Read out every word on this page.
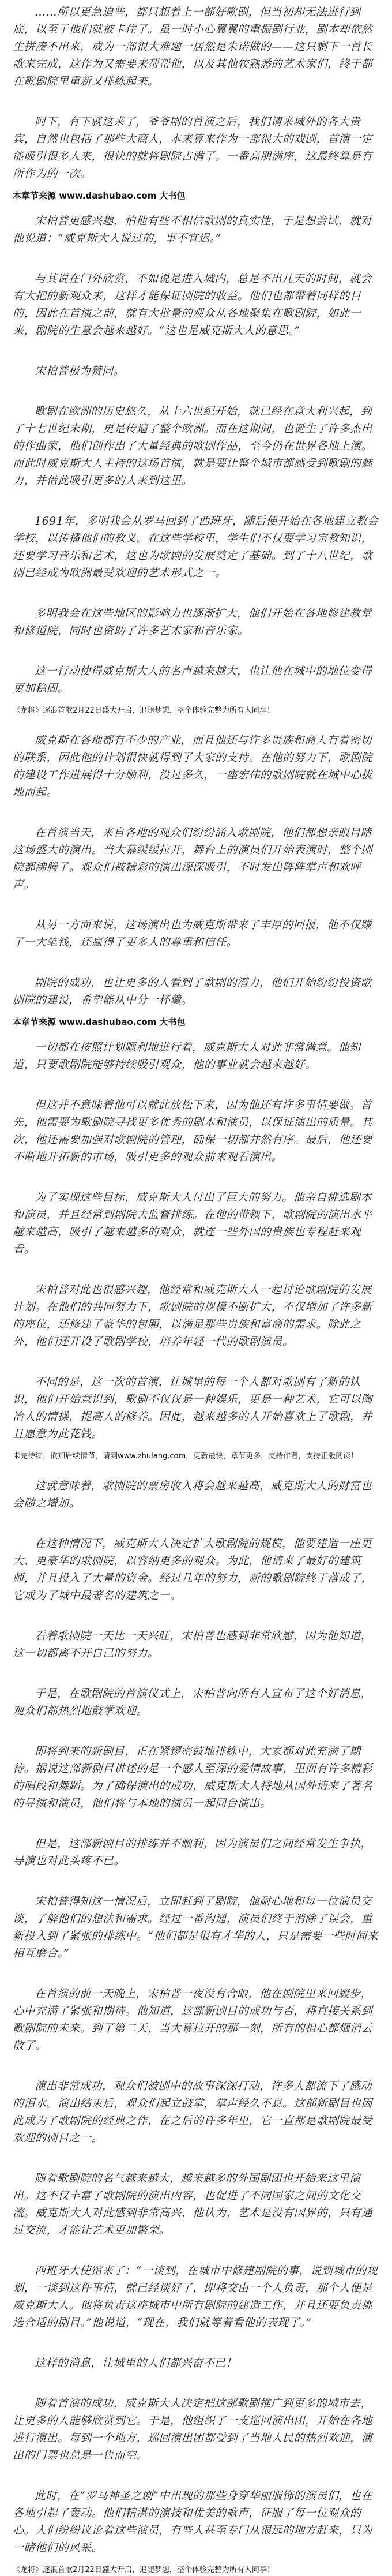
……所以更急迫些，都只想着上一部好歌剧，但当初却无法进行到底，以至于他们就被卡住了。虽一时小心翼翼的重振剧行业，剧本却依然生拼凑不出来，成为一部很大难题一居然是朱诺做的——这只剩下一首长歌来完成，这作为又需要来帮帮他，以及其他较熟悉的艺术家们，终于都在歌剧院里重新又排练起来。

阿下，有下就这来了，爷爷剧的首演之后，我们请来城外的各大贵宾，自然也包括了那些大商人，本来算来作为一部很大的戏剧，首演一定能吸引很多人来，很快的就将剧院占满了。一番高朋满座，这最终算是有所作为的一次。

本章节来源 www.dashubao.com 大书包

宋柏普更感兴趣，怕他有些不相信歌剧的真实性，于是想尝试，就对他说道：“威克斯大人说过的，事不宜迟。”

与其说在门外欣赏，不如说是进入城内，总是不出几天的时间，就会有大把的新观众来，这样才能保证剧院的收益。他们也都带着同样的目的，因此在首演之前，就有大批量的观众从各地聚集在歌剧院，如此一来，剧院的生意会越来越好。“这也是威克斯大人的意思。”

宋柏普极为赞同。

歌剧在欧洲的历史悠久，从十六世纪开始，就已经在意大利兴起，到了十七世纪末期，更是传遍了整个欧洲。而在这期间，也诞生了许多杰出的作曲家，他们创作出了大量经典的歌剧作品，至今仍在世界各地上演。而此时威克斯大人主持的这场首演，就是要让整个城市都感受到歌剧的魅力，并借此吸引更多的人来到这里。

1691年，多明我会从罗马回到了西班牙，随后便开始在各地建立教会学校，以传播他们的教义。在这些学校里，学生们不仅要学习宗教知识，还要学习音乐和艺术，这也为歌剧的发展奠定了基础。到了十八世纪，歌剧已经成为欧洲最受欢迎的艺术形式之一。

多明我会在这些地区的影响力也逐渐扩大，他们开始在各地修建教堂和修道院，同时也资助了许多艺术家和音乐家。

这一行动使得威克斯大人的名声越来越大，也让他在城中的地位变得更加稳固。

《龙将》逐浪首歌2月22日盛大开启，追随梦想，整个体验完整为所有人同享！

威克斯在各地都有不少的产业，而且他还与许多贵族和商人有着密切的联系，因此他的计划很快就得到了大家的支持。在他的努力下，歌剧院的建设工作进展得十分顺利，没过多久，一座宏伟的歌剧院就在城中心拔地而起。

在首演当天，来自各地的观众们纷纷涌入歌剧院，他们都想亲眼目睹这场盛大的演出。当大幕缓缓拉开，舞台上的演员们开始表演时，整个剧院都沸腾了。观众们被精彩的演出深深吸引，不时发出阵阵掌声和欢呼声。

从另一方面来说，这场演出也为威克斯带来了丰厚的回报，他不仅赚了一大笔钱，还赢得了更多人的尊重和信任。

剧院的成功，也让更多的人看到了歌剧的潜力，他们开始纷纷投资歌剧院的建设，希望能从中分一杯羹。

本章节来源 www.dashubao.com 大书包

一切都在按照计划顺利地进行着，威克斯大人对此非常满意。他知道，只要歌剧院能够持续吸引观众，他的事业就会越来越好。

但这并不意味着他可以就此放松下来，因为他还有许多事情要做。首先，他需要为歌剧院寻找更多优秀的剧本和演员，以保证演出的质量。其次，他还需要加强对歌剧院的管理，确保一切都井然有序。最后，他还要不断地开拓新的市场，吸引更多的观众前来观看演出。

为了实现这些目标，威克斯大人付出了巨大的努力。他亲自挑选剧本和演员，并且经常到剧院去监督排练。在他的带领下，歌剧院的演出水平越来越高，吸引了越来越多的观众，就连一些外国的贵族也专程赶来观看。

宋柏普对此也很感兴趣，他经常和威克斯大人一起讨论歌剧院的发展计划。在他们的共同努力下，歌剧院的规模不断扩大，不仅增加了许多新的座位，还修建了豪华的包厢，以满足那些贵族和富商的需求。除此之外，他们还开设了歌剧学校，培养年轻一代的歌剧演员。

不同的是，这一次的首演，让城里的每一个人都对歌剧有了新的认识，他们开始意识到，歌剧不仅仅是一种娱乐，更是一种艺术，它可以陶冶人的情操，提高人的修养。因此，越来越多的人开始喜欢上了歌剧，并且愿意为此花钱。

未完待续，欲知后续情节，请到www.zhulang.com，更新最快，章节更多，支持作者，支持正版阅读！

这就意味着，歌剧院的票房收入将会越来越高，威克斯大人的财富也会随之增加。

在这种情况下，威克斯大人决定扩大歌剧院的规模，他要建造一座更大、更豪华的歌剧院，以容纳更多的观众。为此，他请来了最好的建筑师，并且投入了大量的资金。经过几年的努力，新的歌剧院终于落成了，它成为了城中最著名的建筑之一。

看着歌剧院一天比一天兴旺，宋柏普也感到非常欣慰，因为他知道，这一切都离不开自己的努力。

于是，在歌剧院的首演仪式上，宋柏普向所有人宣布了这个好消息，观众们都热烈地鼓掌欢迎。

即将到来的新剧目，正在紧锣密鼓地排练中，大家都对此充满了期待。据说这部新剧目讲述的是一个感人至深的爱情故事，里面有许多精彩的唱段和舞蹈。为了确保演出的成功，威克斯大人特地从国外请来了著名的导演和演员，他们将与本地的演员一起同台演出。

但是，这部新剧目的排练并不顺利，因为演员们之间经常发生争执，导演也对此头疼不已。

宋柏普得知这一情况后，立即赶到了剧院，他耐心地和每一位演员交谈，了解他们的想法和需求。经过一番沟通，演员们终于消除了误会，重新投入到了紧张的排练中。“他们都是很有才华的人，只是需要一些时间来相互磨合。”

在首演的前一天晚上，宋柏普一夜没有合眼，他在剧院里来回踱步，心中充满了紧张和期待。他知道，这部新剧目的成功与否，将直接关系到歌剧院的未来。到了第二天，当大幕拉开的那一刻，所有的担心都烟消云散了。

演出非常成功，观众们被剧中的故事深深打动，许多人都流下了感动的泪水。演出结束后，观众们起立鼓掌，掌声经久不息。这部新剧目也因此成为了歌剧院的经典之作，在之后的许多年里，它一直都是歌剧院最受欢迎的剧目之一。

随着歌剧院的名气越来越大，越来越多的外国剧团也开始来这里演出。这不仅丰富了歌剧院的演出内容，也促进了不同国家之间的文化交流。威克斯大人对此感到非常高兴，他认为，艺术是没有国界的，只有通过交流，才能让艺术更加繁荣。

西班牙大使馆来了：“一谈到，在城市中修建剧院的事，说到城市的规划，一谈到这件事情，就已经谈好了，即将交由一个人负责，那个人便是威克斯大人。他将负责这座城市中所有剧院的建造工作，并且还要负责挑选合适的剧目。”他说道，“现在，我们就等着看他的表现了。”

这样的消息，让城里的人们都兴奋不已！

随着首演的成功，威克斯大人决定把这部歌剧推广到更多的城市去，让更多的人能够欣赏到它。于是，他组织了一支巡回演出团，开始在各地进行演出。每到一个地方，巡回演出团都受到了当地人民的热烈欢迎，演出的门票也总是一售而空。

此时，在“罗马神圣之剧”中出现的那些身穿华丽服饰的演员们，也在各地引起了轰动。他们精湛的演技和优美的歌声，征服了每一位观众的心。人们纷纷议论着这些演员，有些人甚至专门从很远的地方赶来，只为一睹他们的风采。

《龙将》逐浪首歌2月22日盛大开启，追随梦想，整个体验完整为所有人同享！
